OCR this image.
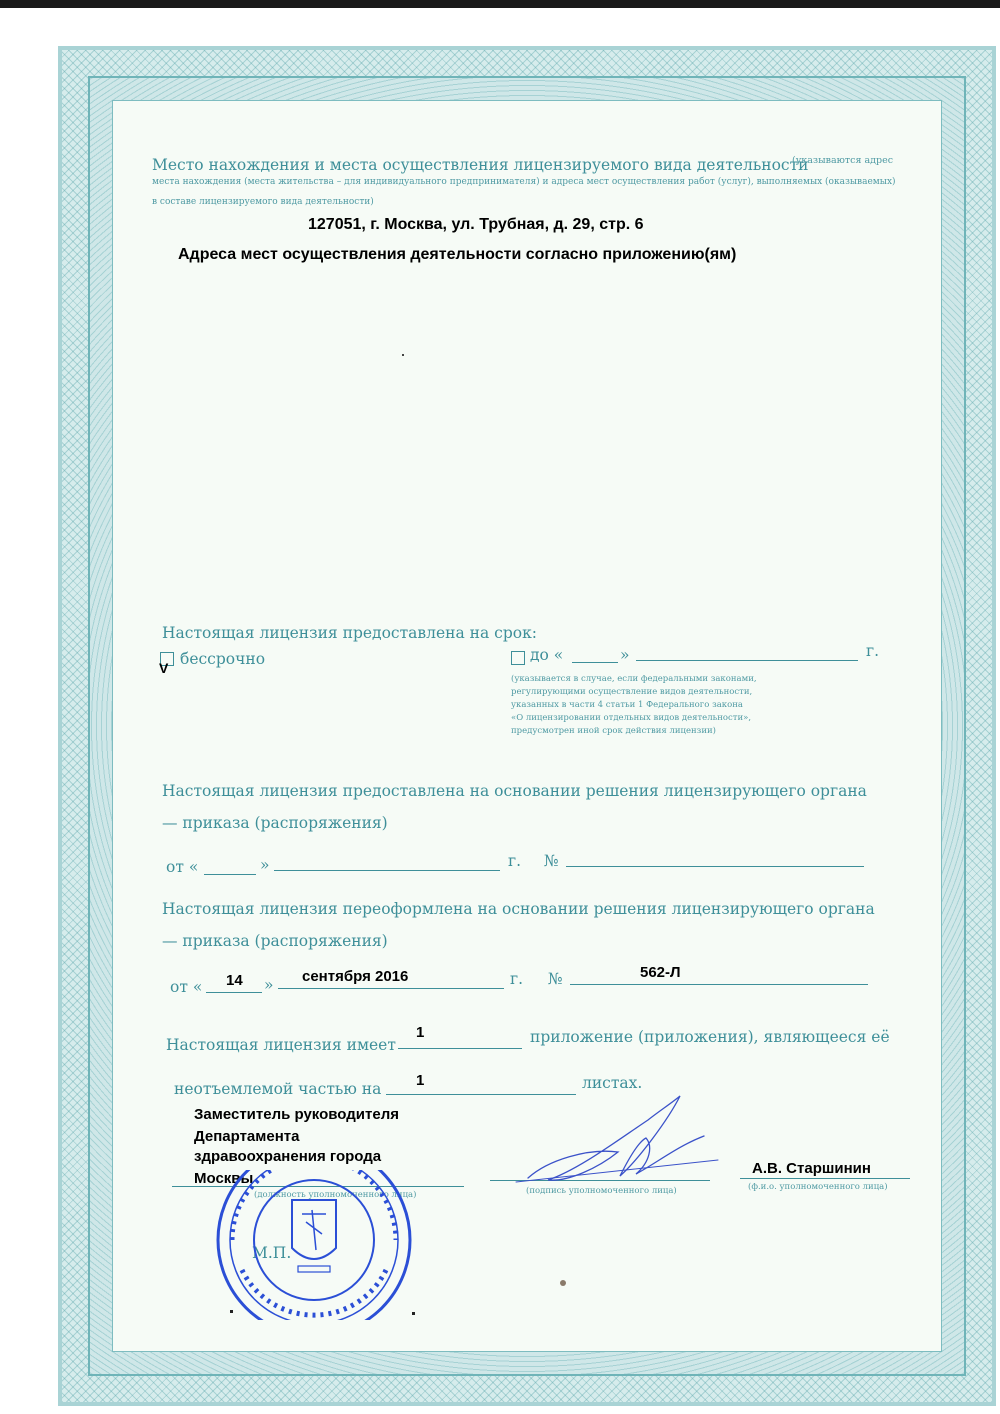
Место нахождения и места осуществления лицензируемого вида деятельности
(указываются адрес
места нахождения (места жительства – для индивидуального предпринимателя) и адреса мест осуществления работ (услуг), выполняемых (оказываемых)
в составе лицензируемого вида деятельности)
127051, г. Москва, ул. Трубная, д. 29, стр. 6
Адреса мест осуществления деятельности согласно приложению(ям)
Настоящая лицензия предоставлена на срок:
V бессрочно	до «	»	г.
(указывается в случае, если федеральными законами,
регулирующими осуществление видов деятельности,
указанных в части 4 статьи 1 Федерального закона
«О лицензировании отдельных видов деятельности»,
предусмотрен иной срок действия лицензии)
Настоящая лицензия предоставлена на основании решения лицензирующего органа
— приказа (распоряжения)
от «	»	г. №
Настоящая лицензия переоформлена на основании решения лицензирующего органа
— приказа (распоряжения)
от « 14 » сентября 2016	г. №	562-Л
Настоящая лицензия имеет
1	приложение (приложения), являющееся её
неотъемлемой частью на 1	листах.
Заместитель руководителя
Департамента
здравоохранения города
Москвы
(должность уполномоченного лица)	(подпись уполномоченного лица)
А.В. Старшинин
(ф.и.о. уполномоченного лица)
М.П.
